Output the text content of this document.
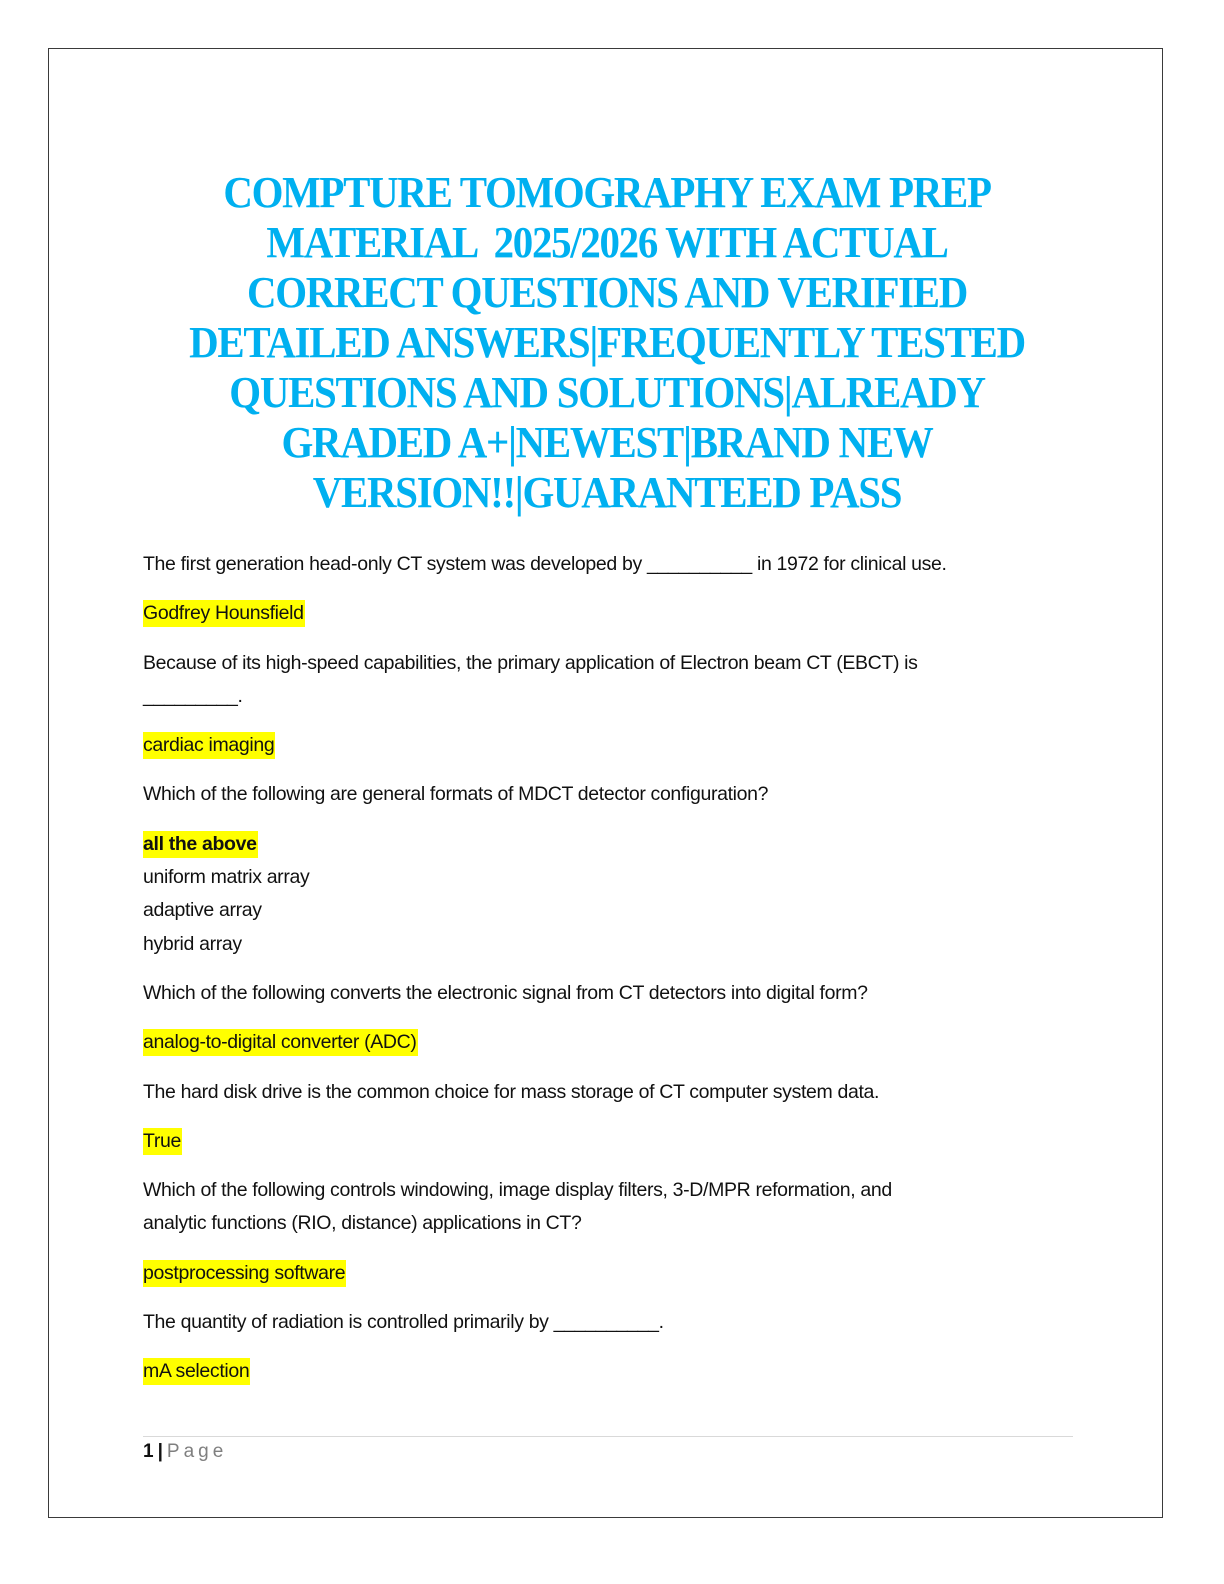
COMPTURE TOMOGRAPHY EXAM PREP
MATERIAL  2025/2026 WITH ACTUAL
CORRECT QUESTIONS AND VERIFIED
DETAILED ANSWERS|FREQUENTLY TESTED
QUESTIONS AND SOLUTIONS|ALREADY
GRADED A+|NEWEST|BRAND NEW
VERSION!!|GUARANTEED PASS
The first generation head-only CT system was developed by __________ in 1972 for clinical use.
Godfrey Hounsfield
Because of its high-speed capabilities, the primary application of Electron beam CT (EBCT) is
_________.
cardiac imaging
Which of the following are general formats of MDCT detector configuration?
all the above
uniform matrix array
adaptive array
hybrid array
Which of the following converts the electronic signal from CT detectors into digital form?
analog-to-digital converter (ADC)
The hard disk drive is the common choice for mass storage of CT computer system data.
True
Which of the following controls windowing, image display filters, 3-D/MPR reformation, and
analytic functions (RIO, distance) applications in CT?
postprocessing software
The quantity of radiation is controlled primarily by __________.
mA selection
1 | Page
